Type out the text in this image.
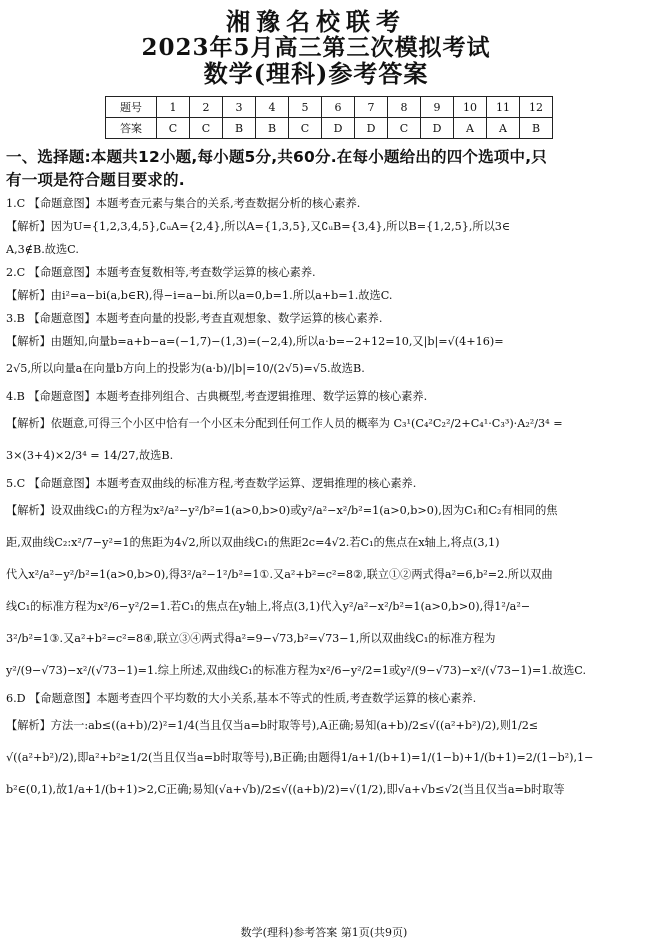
湘豫名校联考
2023年5月高三第三次模拟考试
数学(理科)参考答案
题号	1	2	3	4	5	6	7	8	9	10	11	12
答案	C	C	B	B	C	D	D	C	D	A	A	B
一、选择题:本题共12小题,每小题5分,共60分.在每小题给出的四个选项中,只
有一项是符合题目要求的.
1.C 【命题意图】本题考查元素与集合的关系,考查数据分析的核心素养.
【解析】因为U={1,2,3,4,5},∁ᵤA={2,4},所以A={1,3,5},又∁ᵤB={3,4},所以B={1,2,5},所以3∈
A,3∉B.故选C.
2.C 【命题意图】本题考查复数相等,考查数学运算的核心素养.
【解析】由i²=a−bi(a,b∈R),得−i=a−bi.所以a=0,b=1.所以a+b=1.故选C.
3.B 【命题意图】本题考查向量的投影,考查直观想象、数学运算的核心素养.
【解析】由题知,向量b=a+b−a=(−1,7)−(1,3)=(−2,4),所以a·b=−2+12=10,又|b|=√(4+16)=
2√5,所以向量a在向量b方向上的投影为(a·b)/|b|=10/(2√5)=√5.故选B.
4.B 【命题意图】本题考查排列组合、古典概型,考查逻辑推理、数学运算的核心素养.
【解析】依题意,可得三个小区中恰有一个小区未分配到任何工作人员的概率为 C₃¹(C₄²C₂²/2+C₄¹·C₃³)·A₂²/3⁴ =
3×(3+4)×2/3⁴ = 14/27,故选B.
5.C 【命题意图】本题考查双曲线的标准方程,考查数学运算、逻辑推理的核心素养.
【解析】设双曲线C₁的方程为x²/a²−y²/b²=1(a>0,b>0)或y²/a²−x²/b²=1(a>0,b>0),因为C₁和C₂有相同的焦
距,双曲线C₂:x²/7−y²=1的焦距为4√2,所以双曲线C₁的焦距2c=4√2.若C₁的焦点在x轴上,将点(3,1)
代入x²/a²−y²/b²=1(a>0,b>0),得3²/a²−1²/b²=1①.又a²+b²=c²=8②,联立①②两式得a²=6,b²=2.所以双曲
线C₁的标准方程为x²/6−y²/2=1.若C₁的焦点在y轴上,将点(3,1)代入y²/a²−x²/b²=1(a>0,b>0),得1²/a²−
3²/b²=1③.又a²+b²=c²=8④,联立③④两式得a²=9−√73,b²=√73−1,所以双曲线C₁的标准方程为
y²/(9−√73)−x²/(√73−1)=1.综上所述,双曲线C₁的标准方程为x²/6−y²/2=1或y²/(9−√73)−x²/(√73−1)=1.故选C.
6.D 【命题意图】本题考查四个平均数的大小关系,基本不等式的性质,考查数学运算的核心素养.
【解析】方法一:ab≤((a+b)/2)²=1/4(当且仅当a=b时取等号),A正确;易知(a+b)/2≤√((a²+b²)/2),则1/2≤
√((a²+b²)/2),即a²+b²≥1/2(当且仅当a=b时取等号),B正确;由题得1/a+1/(b+1)=1/(1−b)+1/(b+1)=2/(1−b²),1−
b²∈(0,1),故1/a+1/(b+1)>2,C正确;易知(√a+√b)/2≤√((a+b)/2)=√(1/2),即√a+√b≤√2(当且仅当a=b时取等
数学(理科)参考答案 第1页(共9页)
